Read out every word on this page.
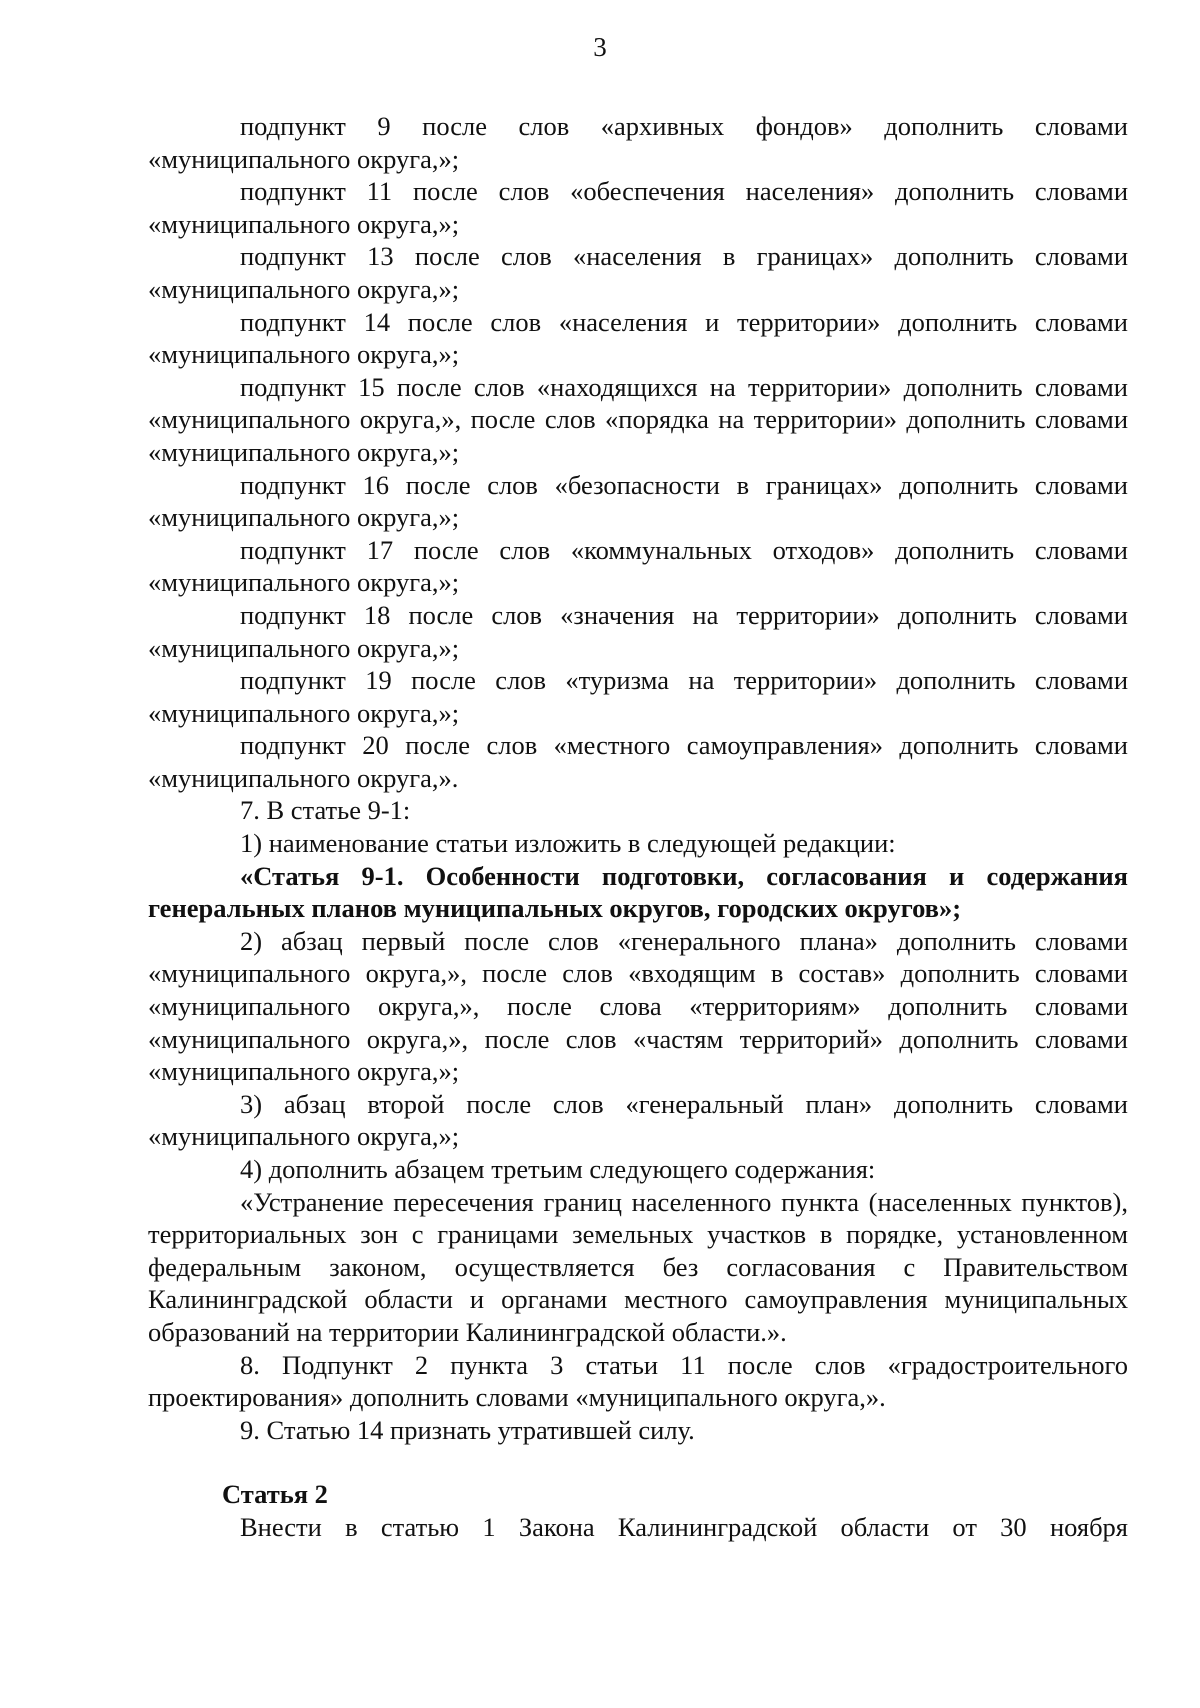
3

подпункт 9 после слов «архивных фондов» дополнить словами «муниципального округа,»;

подпункт 11 после слов «обеспечения населения» дополнить словами «муниципального округа,»;

подпункт 13 после слов «населения в границах» дополнить словами «муниципального округа,»;

подпункт 14 после слов «населения и территории» дополнить словами «муниципального округа,»;

подпункт 15 после слов «находящихся на территории» дополнить словами «муниципального округа,», после слов «порядка на территории» дополнить словами «муниципального округа,»;

подпункт 16 после слов «безопасности в границах» дополнить словами «муниципального округа,»;

подпункт 17 после слов «коммунальных отходов» дополнить словами «муниципального округа,»;

подпункт 18 после слов «значения на территории» дополнить словами «муниципального округа,»;

подпункт 19 после слов «туризма на территории» дополнить словами «муниципального округа,»;

подпункт 20 после слов «местного самоуправления» дополнить словами «муниципального округа,».

7. В статье 9-1:

1) наименование статьи изложить в следующей редакции:

«Статья 9-1. Особенности подготовки, согласования и содержания генеральных планов муниципальных округов, городских округов»;

2) абзац первый после слов «генерального плана» дополнить словами «муниципального округа,», после слов «входящим в состав» дополнить словами «муниципального округа,», после слова «территориям» дополнить словами «муниципального округа,», после слов «частям территорий» дополнить словами «муниципального округа,»;

3) абзац второй после слов «генеральный план» дополнить словами «муниципального округа,»;

4) дополнить абзацем третьим следующего содержания:

«Устранение пересечения границ населенного пункта (населенных пунктов), территориальных зон с границами земельных участков в порядке, установленном федеральным законом, осуществляется без согласования с Правительством Калининградской области и органами местного самоуправления муниципальных образований на территории Калининградской области.».

8. Подпункт 2 пункта 3 статьи 11 после слов «градостроительного проектирования» дополнить словами «муниципального округа,».

9. Статью 14 признать утратившей силу.

Статья 2

Внести в статью 1 Закона Калининградской области от 30 ноября
